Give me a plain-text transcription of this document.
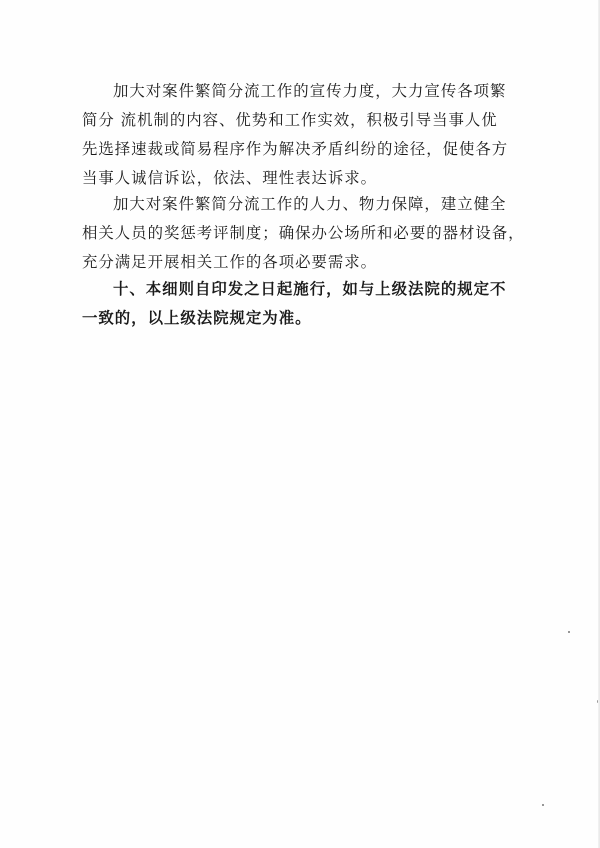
加大对案件繁简分流工作的宣传力度，大力宣传各项繁
简分 流机制的内容、优势和工作实效，积极引导当事人优
先选择速裁或简易程序作为解决矛盾纠纷的途径，促使各方
当事人诚信诉讼，依法、理性表达诉求。

加大对案件繁简分流工作的人力、物力保障，建立健全
相关人员的奖惩考评制度；确保办公场所和必要的器材设备，
充分满足开展相关工作的各项必要需求。

十、本细则自印发之日起施行，如与上级法院的规定不
一致的，以上级法院规定为准。
